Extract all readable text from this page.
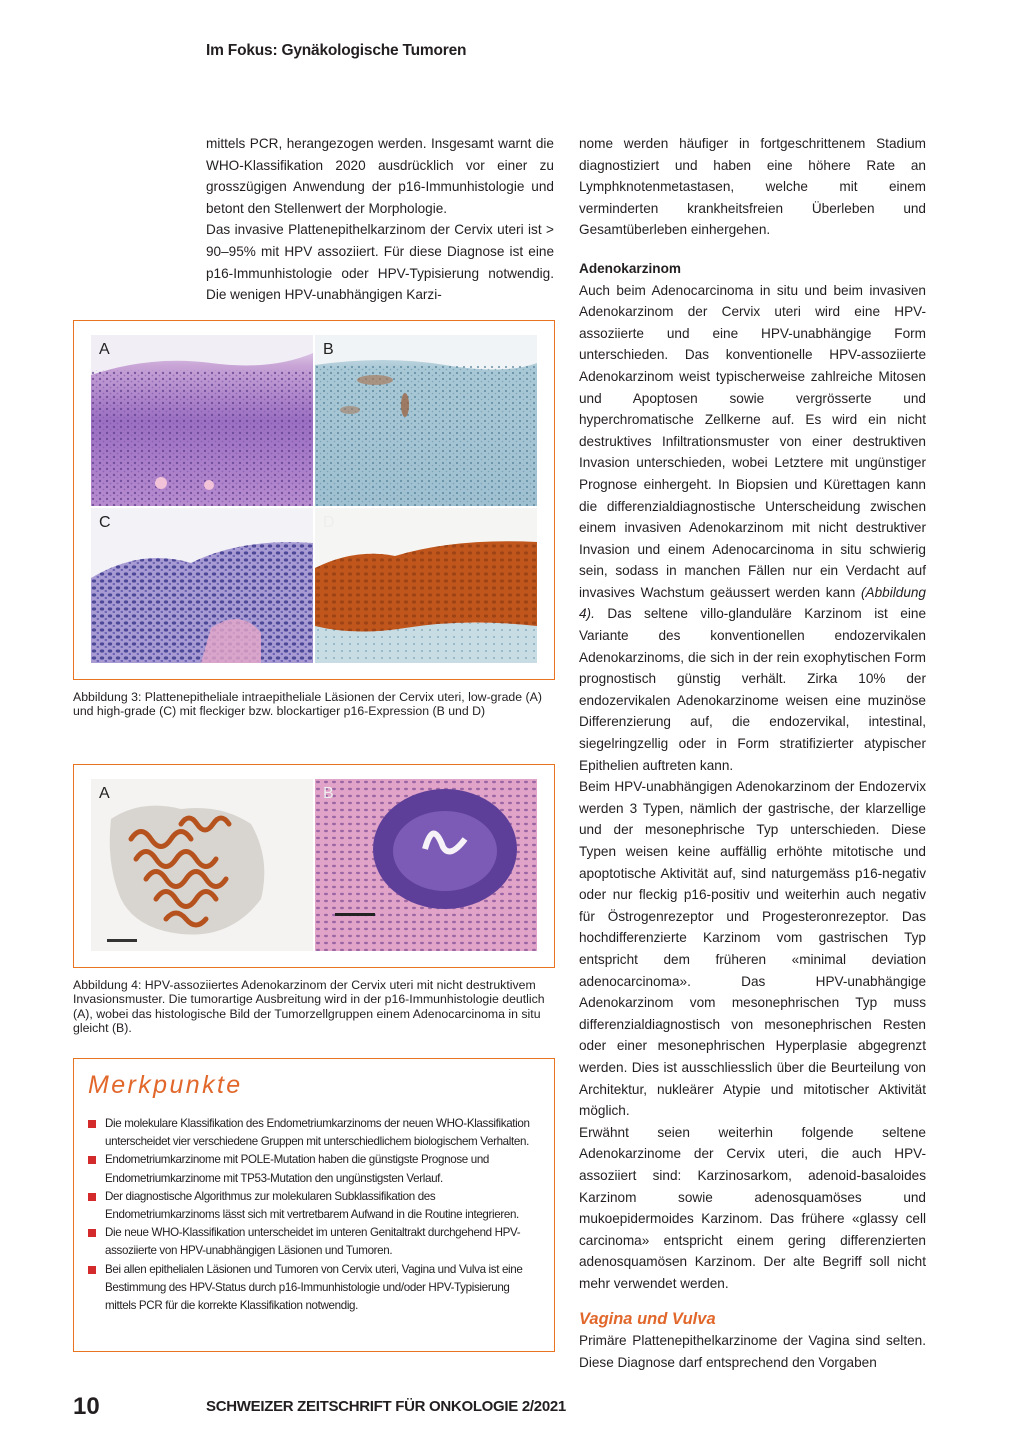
Im Fokus: Gynäkologische Tumoren

mittels PCR, herangezogen werden. Insgesamt warnt die WHO-Klassifikation 2020 ausdrücklich vor einer zu grosszügigen Anwendung der p16-Immunhistologie und betont den Stellenwert der Morphologie.

Das invasive Plattenepithelkarzinom der Cervix uteri ist > 90–95% mit HPV assoziiert. Für diese Diagnose ist eine p16-Immunhistologie oder HPV-Typisierung notwendig. Die wenigen HPV-unabhängigen Karzi-

A	B
C	D
Abbildung 3: Plattenepitheliale intraepitheliale Läsionen der Cervix uteri, low-grade (A) und high-grade (C) mit fleckiger bzw. blockartiger p16-Expression (B und D)
A	B
Abbildung 4: HPV-assoziiertes Adenokarzinom der Cervix uteri mit nicht destruktivem Invasionsmuster. Die tumorartige Ausbreitung wird in der p16-Immunhistologie deutlich (A), wobei das histologische Bild der Tumorzellgruppen einem Adenocarcinoma in situ gleicht (B).
Merkpunkte
Die molekulare Klassifikation des Endometriumkarzinoms der neuen WHO-Klassifikation unterscheidet vier verschiedene Gruppen mit unterschiedlichem biologischem Verhalten.
Endometriumkarzinome mit POLE-Mutation haben die günstigste Prognose und Endometriumkarzinome mit TP53-Mutation den ungünstigsten Verlauf.
Der diagnostische Algorithmus zur molekularen Subklassifikation des Endometriumkarzinoms lässt sich mit vertretbarem Aufwand in die Routine integrieren.
Die neue WHO-Klassifikation unterscheidet im unteren Genitaltrakt durchgehend HPV-assoziierte von HPV-unabhängigen Läsionen und Tumoren.
Bei allen epithelialen Läsionen und Tumoren von Cervix uteri, Vagina und Vulva ist eine Bestimmung des HPV-Status durch p16-Immunhistologie und/oder HPV-Typisierung mittels PCR für die korrekte Klassifikation notwendig.

nome werden häufiger in fortgeschrittenem Stadium diagnostiziert und haben eine höhere Rate an Lymphknotenmetastasen, welche mit einem verminderten krankheitsfreien Überleben und Gesamtüberleben einhergehen.

Adenokarzinom

Auch beim Adenocarcinoma in situ und beim invasiven Adenokarzinom der Cervix uteri wird eine HPV-assoziierte und eine HPV-unabhängige Form unterschieden. Das konventionelle HPV-assoziierte Adenokarzinom weist typischerweise zahlreiche Mitosen und Apoptosen sowie vergrösserte und hyperchromatische Zellkerne auf. Es wird ein nicht destruktives Infiltrationsmuster von einer destruktiven Invasion unterschieden, wobei Letztere mit ungünstiger Prognose einhergeht. In Biopsien und Kürettagen kann die differenzialdiagnostische Unterscheidung zwischen einem invasiven Adenokarzinom mit nicht destruktiver Invasion und einem Adenocarcinoma in situ schwierig sein, sodass in manchen Fällen nur ein Verdacht auf invasives Wachstum geäussert werden kann (Abbildung 4). Das seltene villo-glanduläre Karzinom ist eine Variante des konventionellen endozervikalen Adenokarzinoms, die sich in der rein exophytischen Form prognostisch günstig verhält. Zirka 10% der endozervikalen Adenokarzinome weisen eine muzinöse Differenzierung auf, die endozervikal, intestinal, siegelringzellig oder in Form stratifizierter atypischer Epithelien auftreten kann.

Beim HPV-unabhängigen Adenokarzinom der Endozervix werden 3 Typen, nämlich der gastrische, der klarzellige und der mesonephrische Typ unterschieden. Diese Typen weisen keine auffällig erhöhte mitotische und apoptotische Aktivität auf, sind naturgemäss p16-negativ oder nur fleckig p16-positiv und weiterhin auch negativ für Östrogenrezeptor und Progesteronrezeptor. Das hochdifferenzierte Karzinom vom gastrischen Typ entspricht dem früheren «minimal deviation adenocarcinoma». Das HPV-unabhängige Adenokarzinom vom mesonephrischen Typ muss differenzialdiagnostisch von mesonephrischen Resten oder einer mesonephrischen Hyperplasie abgegrenzt werden. Dies ist ausschliesslich über die Beurteilung von Architektur, nukleärer Atypie und mitotischer Aktivität möglich.

Erwähnt seien weiterhin folgende seltene Adenokarzinome der Cervix uteri, die auch HPV-assoziiert sind: Karzinosarkom, adenoid-basaloides Karzinom sowie adenosquamöses und mukoepidermoides Karzinom. Das frühere «glassy cell carcinoma» entspricht einem gering differenzierten adenosquamösen Karzinom. Der alte Begriff soll nicht mehr verwendet werden.

Vagina und Vulva

Primäre Plattenepithelkarzinome der Vagina sind selten. Diese Diagnose darf entsprechend den Vorgaben

10	SCHWEIZER ZEITSCHRIFT FÜR ONKOLOGIE 2/2021
